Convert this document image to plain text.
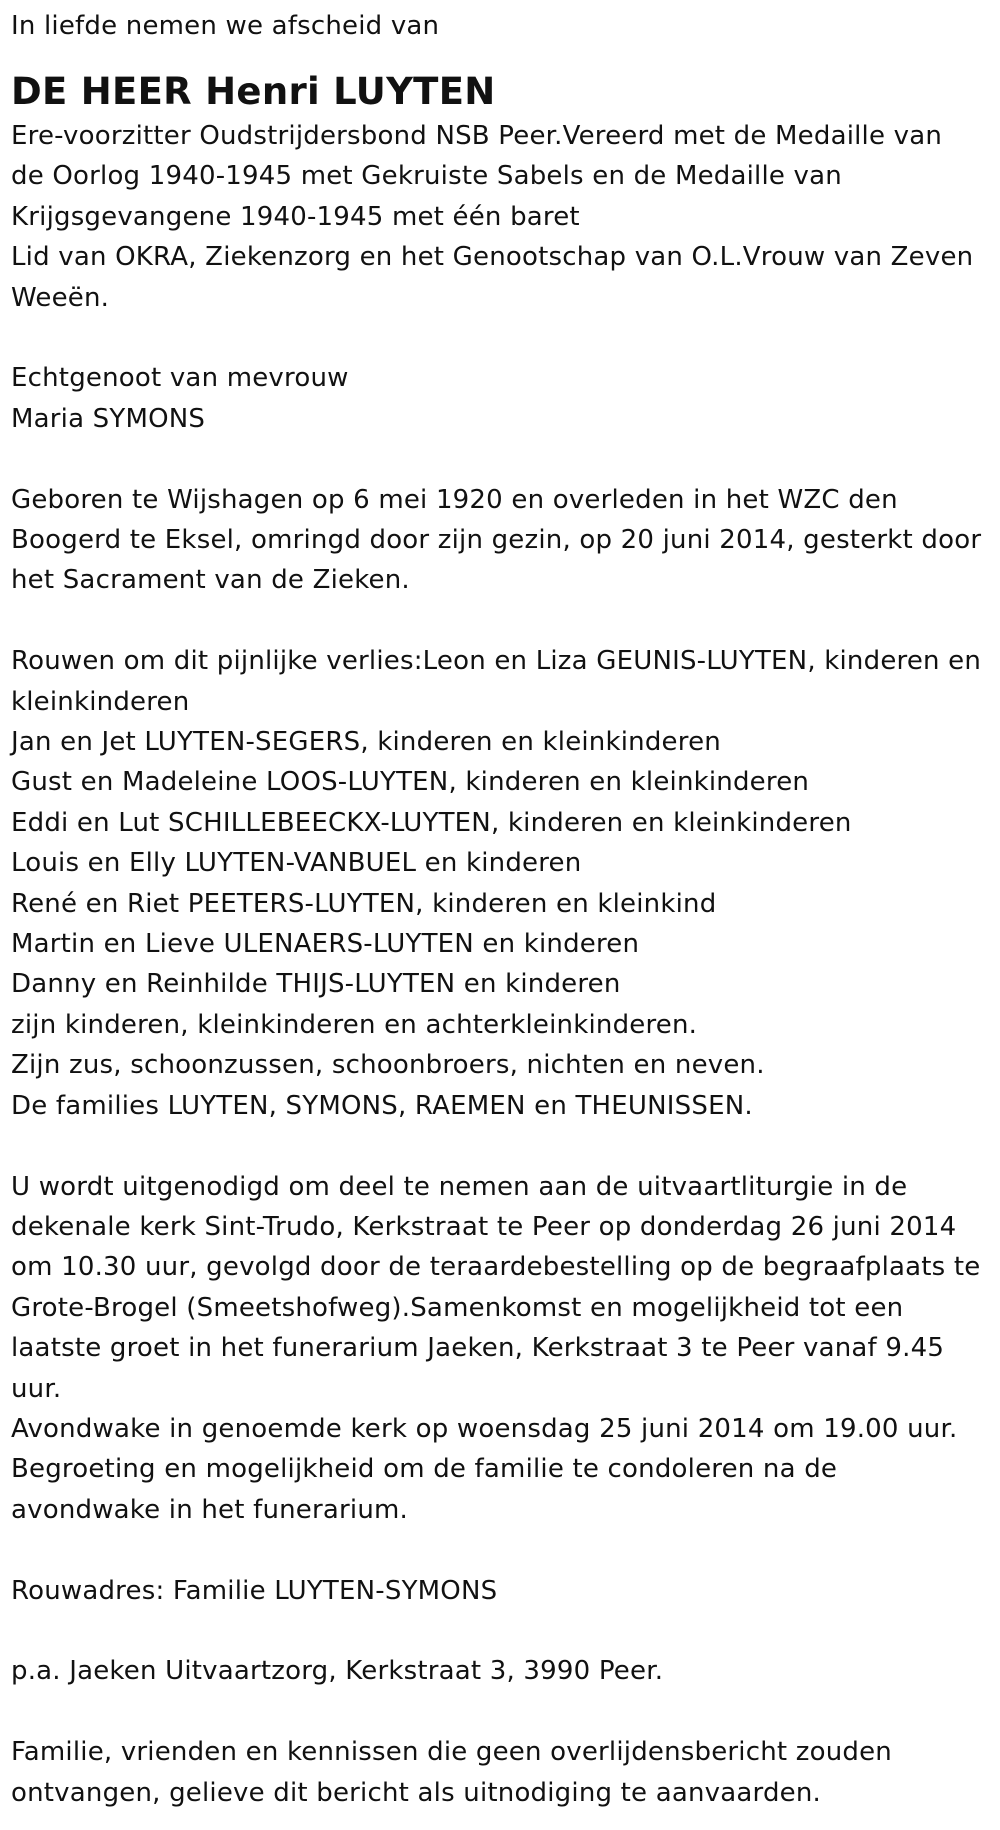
In liefde nemen we afscheid van

DE HEER Henri LUYTEN
Ere-voorzitter Oudstrijdersbond NSB Peer.Vereerd met de Medaille van
de Oorlog 1940-1945 met Gekruiste Sabels en de Medaille van
Krijgsgevangene 1940-1945 met één baret
Lid van OKRA, Ziekenzorg en het Genootschap van O.L.Vrouw van Zeven
Weeën.
Echtgenoot van mevrouw
Maria SYMONS
Geboren te Wijshagen op 6 mei 1920 en overleden in het WZC den
Boogerd te Eksel, omringd door zijn gezin, op 20 juni 2014, gesterkt door
het Sacrament van de Zieken.
Rouwen om dit pijnlijke verlies:Leon en Liza GEUNIS-LUYTEN, kinderen en
kleinkinderen
Jan en Jet LUYTEN-SEGERS, kinderen en kleinkinderen
Gust en Madeleine LOOS-LUYTEN, kinderen en kleinkinderen
Eddi en Lut SCHILLEBEECKX-LUYTEN, kinderen en kleinkinderen
Louis en Elly LUYTEN-VANBUEL en kinderen
René en Riet PEETERS-LUYTEN, kinderen en kleinkind
Martin en Lieve ULENAERS-LUYTEN en kinderen
Danny en Reinhilde THIJS-LUYTEN en kinderen
zijn kinderen, kleinkinderen en achterkleinkinderen.
Zijn zus, schoonzussen, schoonbroers, nichten en neven.
De families LUYTEN, SYMONS, RAEMEN en THEUNISSEN.
U wordt uitgenodigd om deel te nemen aan de uitvaartliturgie in de
dekenale kerk Sint-Trudo, Kerkstraat te Peer op donderdag 26 juni 2014
om 10.30 uur, gevolgd door de teraardebestelling op de begraafplaats te
Grote-Brogel (Smeetshofweg).Samenkomst en mogelijkheid tot een
laatste groet in het funerarium Jaeken, Kerkstraat 3 te Peer vanaf 9.45
uur.
Avondwake in genoemde kerk op woensdag 25 juni 2014 om 19.00 uur.
Begroeting en mogelijkheid om de familie te condoleren na de
avondwake in het funerarium.
Rouwadres: Familie LUYTEN-SYMONS
p.a. Jaeken Uitvaartzorg, Kerkstraat 3, 3990 Peer.
Familie, vrienden en kennissen die geen overlijdensbericht zouden
ontvangen, gelieve dit bericht als uitnodiging te aanvaarden.
